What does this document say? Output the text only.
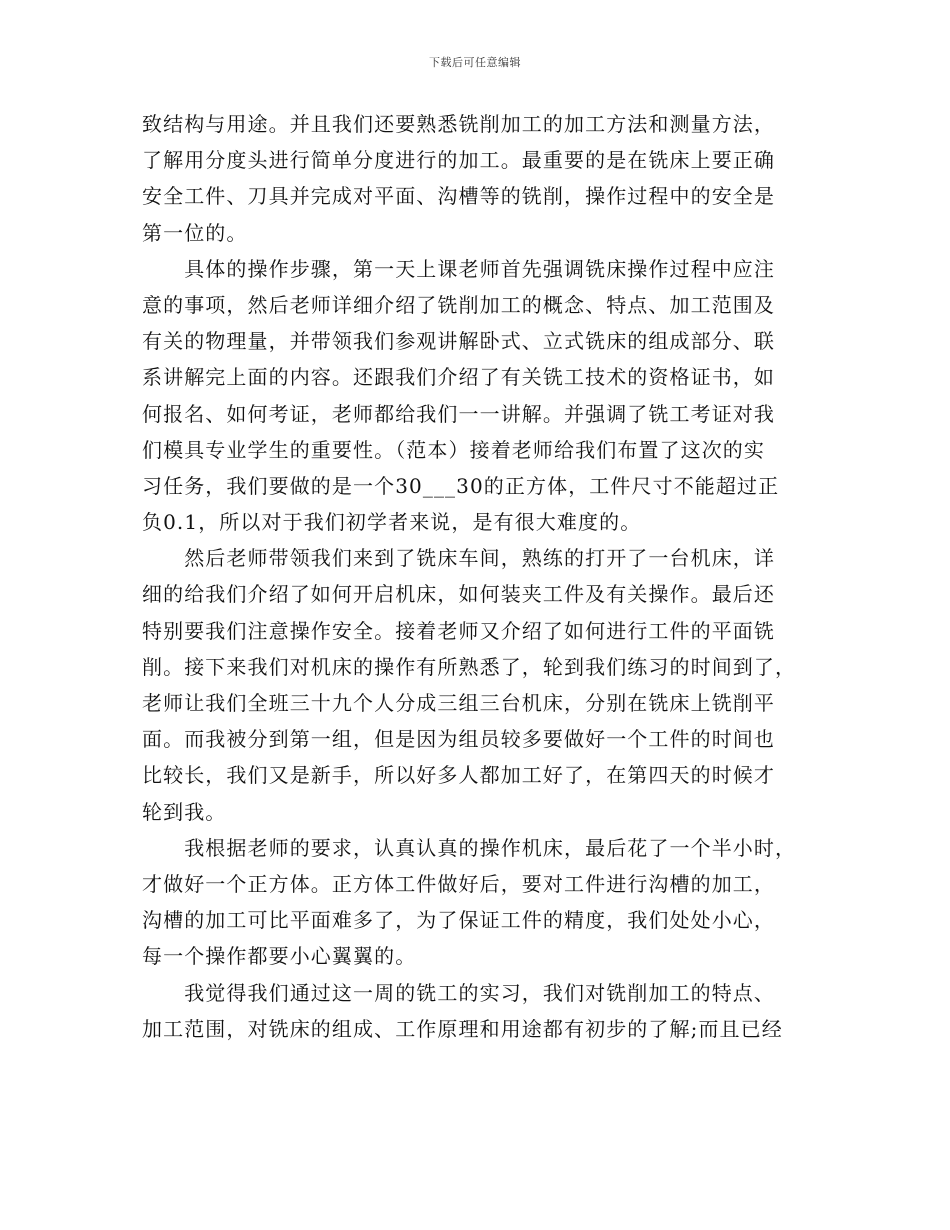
下载后可任意编辑
致结构与用途。并且我们还要熟悉铣削加工的加工方法和测量方法，
了解用分度头进行简单分度进行的加工。最重要的是在铣床上要正确
安全工件、刀具并完成对平面、沟槽等的铣削，操作过程中的安全是
第一位的。
　　具体的操作步骤，第一天上课老师首先强调铣床操作过程中应注
意的事项，然后老师详细介绍了铣削加工的概念、特点、加工范围及
有关的物理量，并带领我们参观讲解卧式、立式铣床的组成部分、联
系讲解完上面的内容。还跟我们介绍了有关铣工技术的资格证书，如
何报名、如何考证，老师都给我们一一讲解。并强调了铣工考证对我
们模具专业学生的重要性。（范本）接着老师给我们布置了这次的实
习任务，我们要做的是一个30___30的正方体，工件尺寸不能超过正
负0.1，所以对于我们初学者来说，是有很大难度的。
　　然后老师带领我们来到了铣床车间，熟练的打开了一台机床，详
细的给我们介绍了如何开启机床，如何装夹工件及有关操作。最后还
特别要我们注意操作安全。接着老师又介绍了如何进行工件的平面铣
削。接下来我们对机床的操作有所熟悉了，轮到我们练习的时间到了，
老师让我们全班三十九个人分成三组三台机床，分别在铣床上铣削平
面。而我被分到第一组，但是因为组员较多要做好一个工件的时间也
比较长，我们又是新手，所以好多人都加工好了，在第四天的时候才
轮到我。
　　我根据老师的要求，认真认真的操作机床，最后花了一个半小时，
才做好一个正方体。正方体工件做好后，要对工件进行沟槽的加工，
沟槽的加工可比平面难多了，为了保证工件的精度，我们处处小心，
每一个操作都要小心翼翼的。
　　我觉得我们通过这一周的铣工的实习，我们对铣削加工的特点、
加工范围，对铣床的组成、工作原理和用途都有初步的了解;而且已经
